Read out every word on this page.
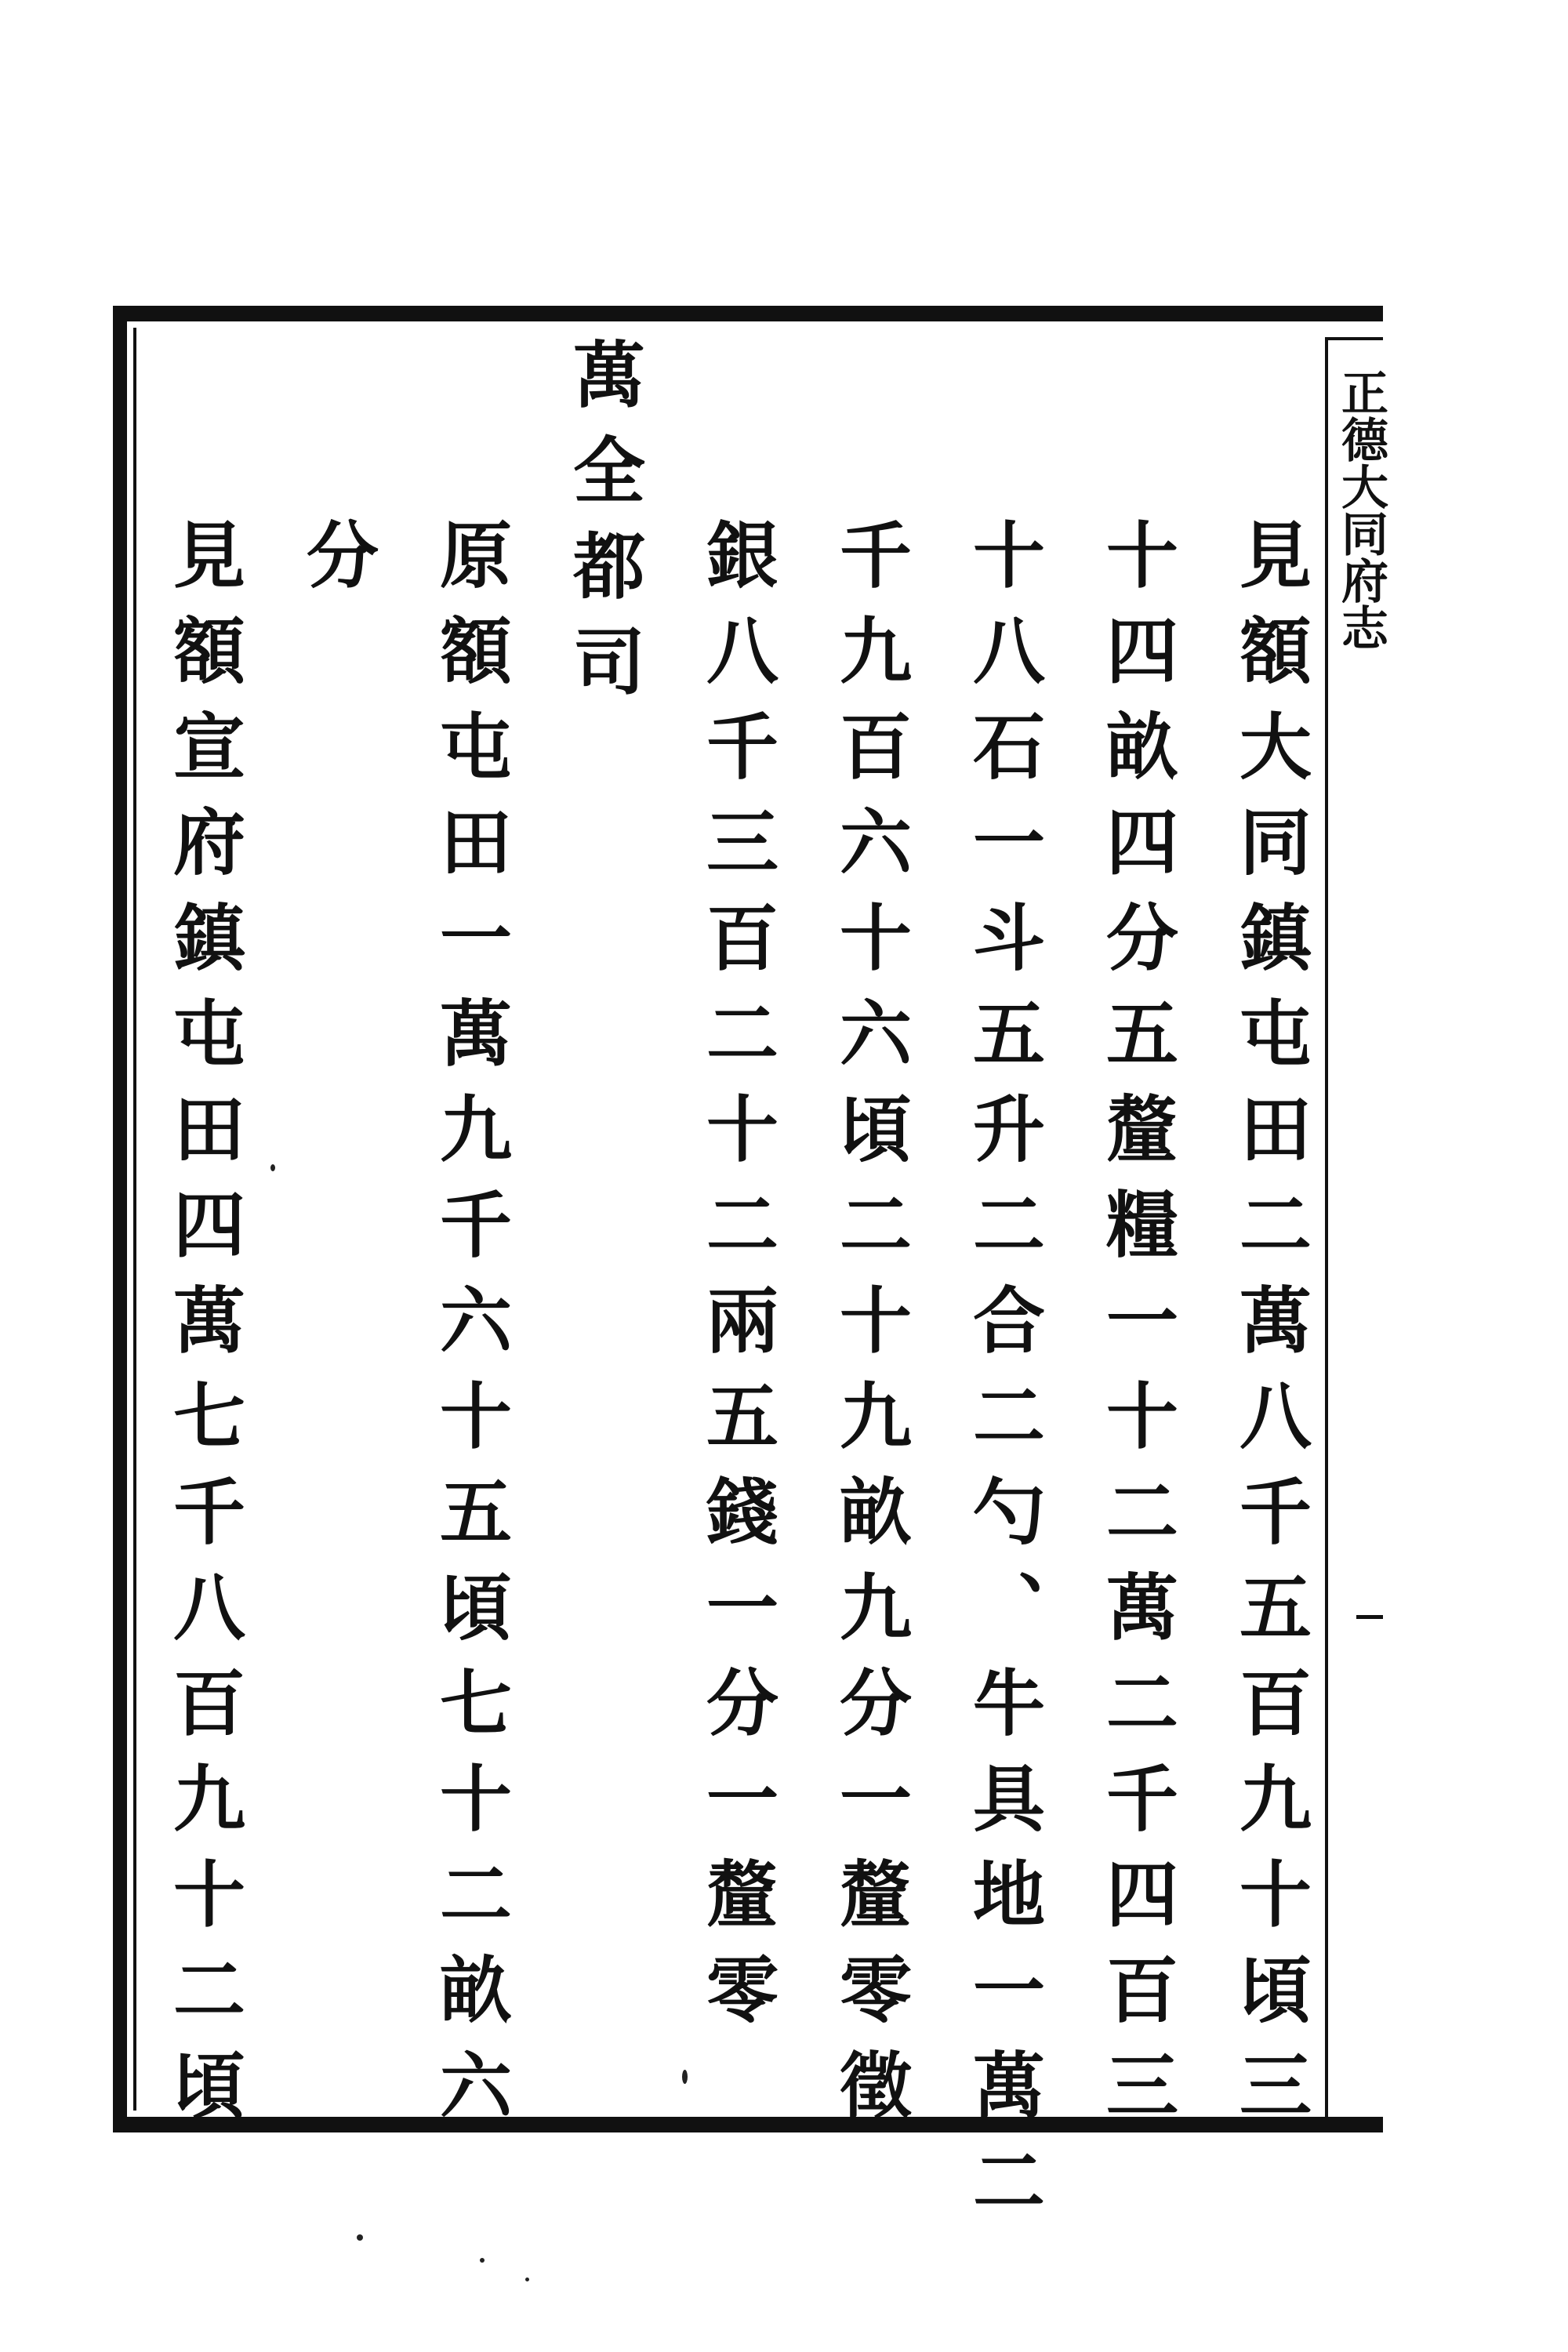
正德大同府志
見額大同鎮屯田二萬八千五百九十頃三
十四畝四分五釐糧一十二萬二千四百三
十八石一斗五升二合二勺、牛具地一萬二
千九百六十六頃二十九畝九分一釐零徵
銀八千三百二十二兩五錢一分一釐零
萬全都司
原額屯田一萬九千六十五頃七十二畝六
分
見額宣府鎮屯田四萬七千八百九十二頃
